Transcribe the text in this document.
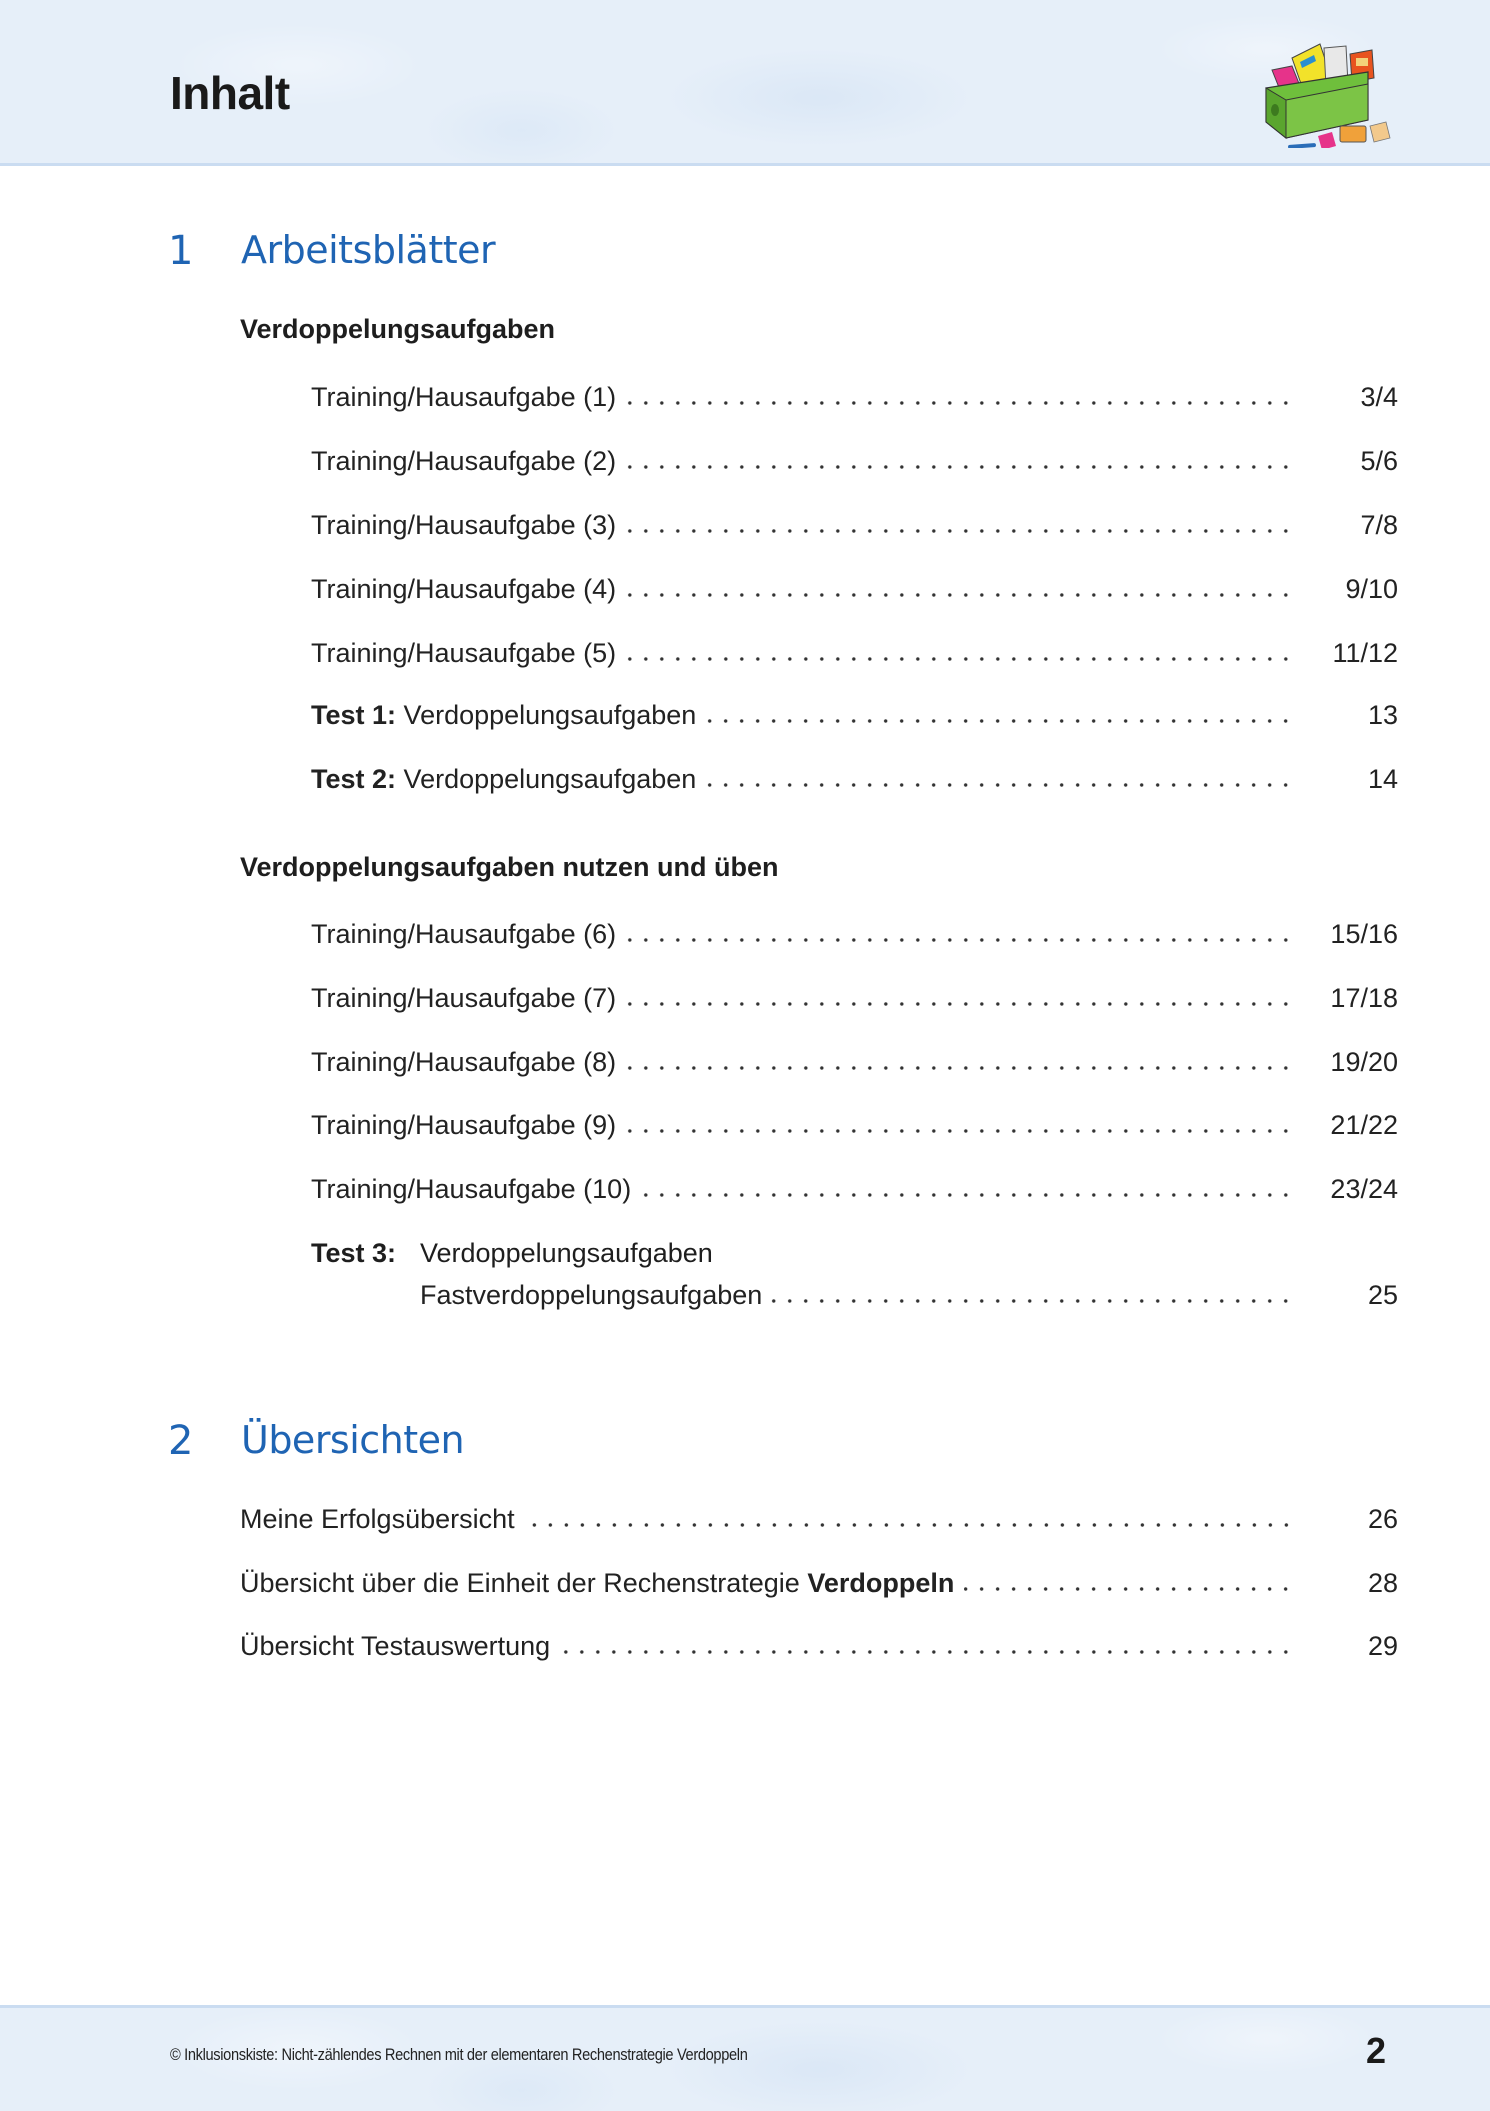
Inhalt
1 Arbeitsblätter
Verdoppelungsaufgaben
Training/Hausaufgabe (1)	3/4
Training/Hausaufgabe (2)	5/6
Training/Hausaufgabe (3)	7/8
Training/Hausaufgabe (4)	9/10
Training/Hausaufgabe (5)	11/12
Test 1: Verdoppelungsaufgaben	13
Test 2: Verdoppelungsaufgaben	14
Verdoppelungsaufgaben nutzen und üben
Training/Hausaufgabe (6)	15/16
Training/Hausaufgabe (7)	17/18
Training/Hausaufgabe (8)	19/20
Training/Hausaufgabe (9)	21/22
Training/Hausaufgabe (10)	23/24
Test 3: Verdoppelungsaufgaben
Fastverdoppelungsaufgaben	25
2 Übersichten
Meine Erfolgsübersicht	26
Übersicht über die Einheit der Rechenstrategie Verdoppeln	28
Übersicht Testauswertung	29
© Inklusionskiste: Nicht-zählendes Rechnen mit der elementaren Rechenstrategie Verdoppeln	2
